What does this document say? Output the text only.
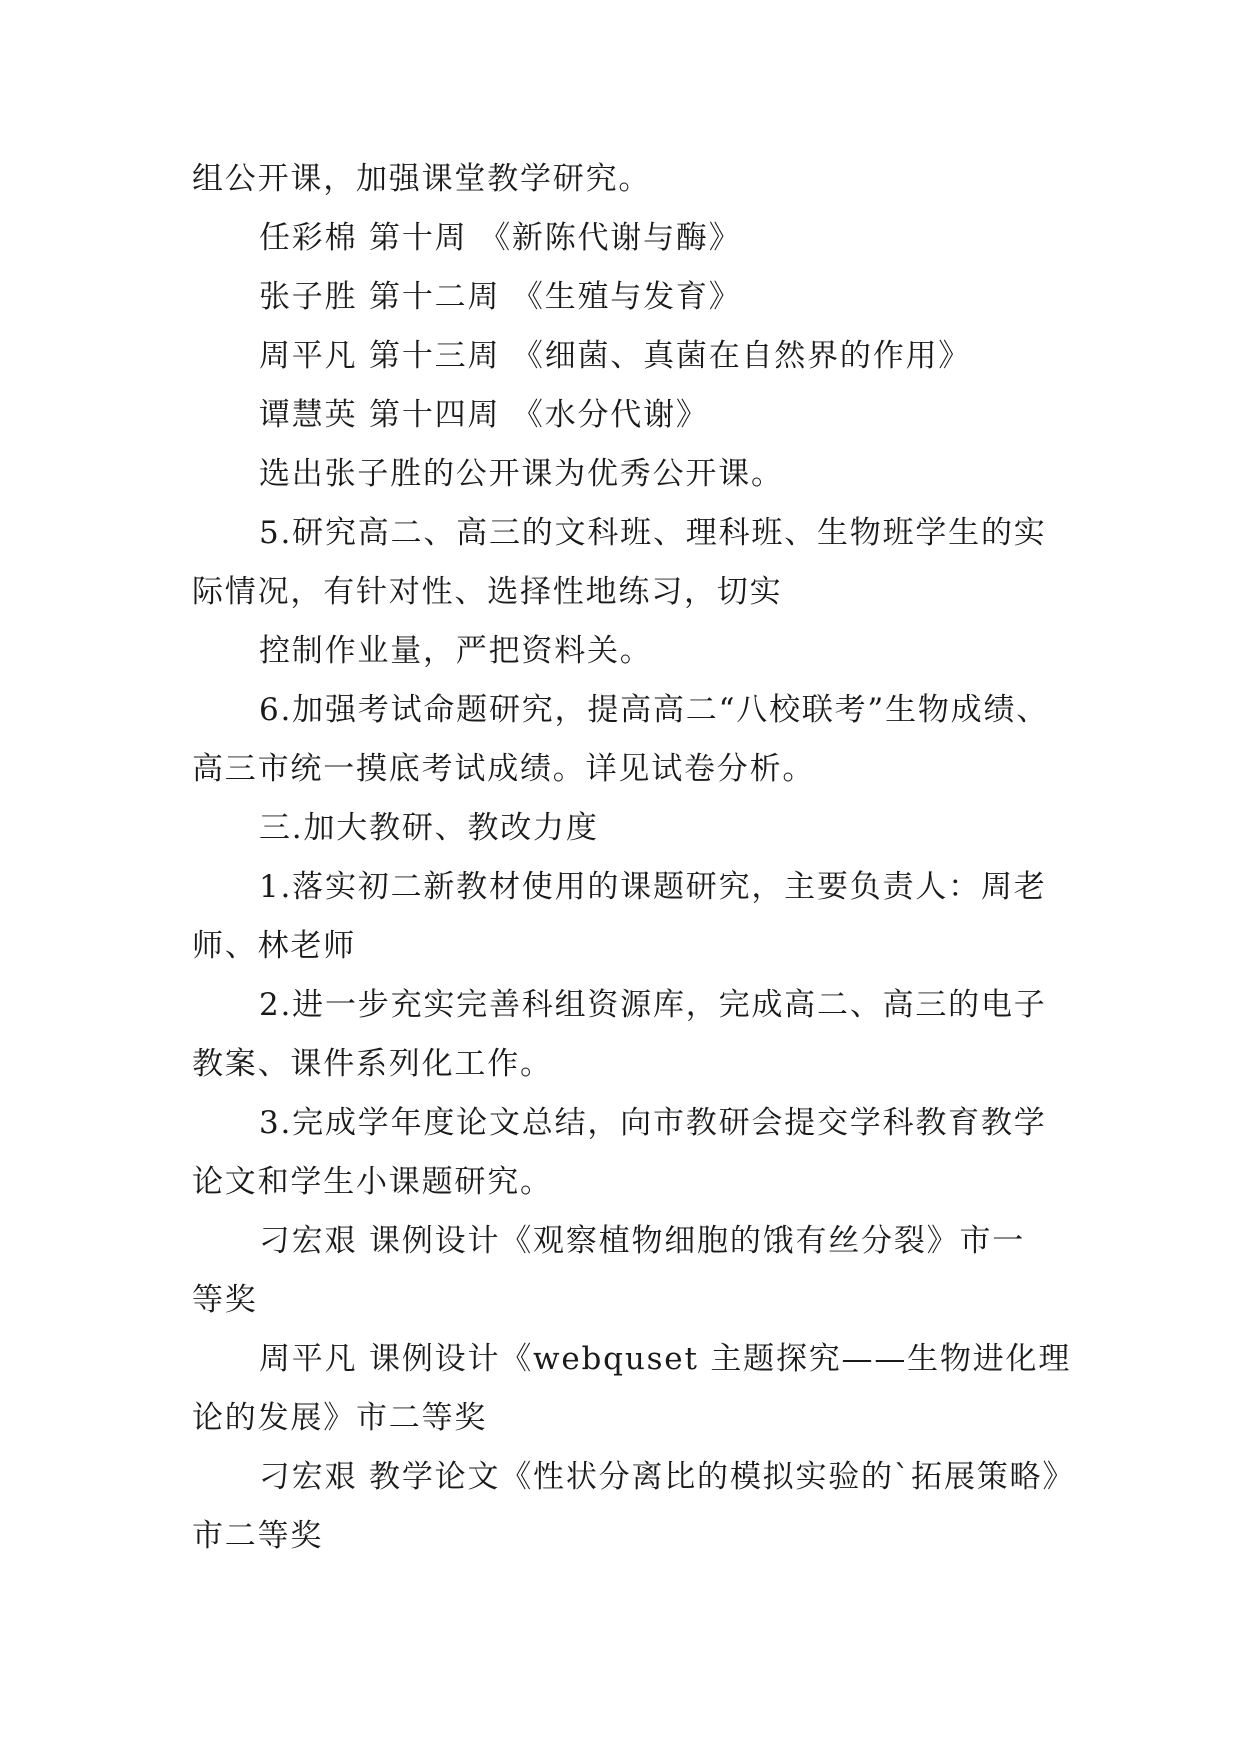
组公开课，加强课堂教学研究。
任彩棉 第十周 《新陈代谢与酶》
张子胜 第十二周 《生殖与发育》
周平凡 第十三周 《细菌、真菌在自然界的作用》
谭慧英 第十四周 《水分代谢》
选出张子胜的公开课为优秀公开课。
5.研究高二、高三的文科班、理科班、生物班学生的实
际情况，有针对性、选择性地练习，切实
控制作业量，严把资料关。
6.加强考试命题研究，提高高二“八校联考”生物成绩、
高三市统一摸底考试成绩。详见试卷分析。
三.加大教研、教改力度
1.落实初二新教材使用的课题研究，主要负责人：周老
师、林老师
2.进一步充实完善科组资源库，完成高二、高三的电子
教案、课件系列化工作。
3.完成学年度论文总结，向市教研会提交学科教育教学
论文和学生小课题研究。
刁宏艰 课例设计《观察植物细胞的饿有丝分裂》市一
等奖
周平凡 课例设计《webquset 主题探究——生物进化理
论的发展》市二等奖
刁宏艰 教学论文《性状分离比的模拟实验的`拓展策略》
市二等奖
